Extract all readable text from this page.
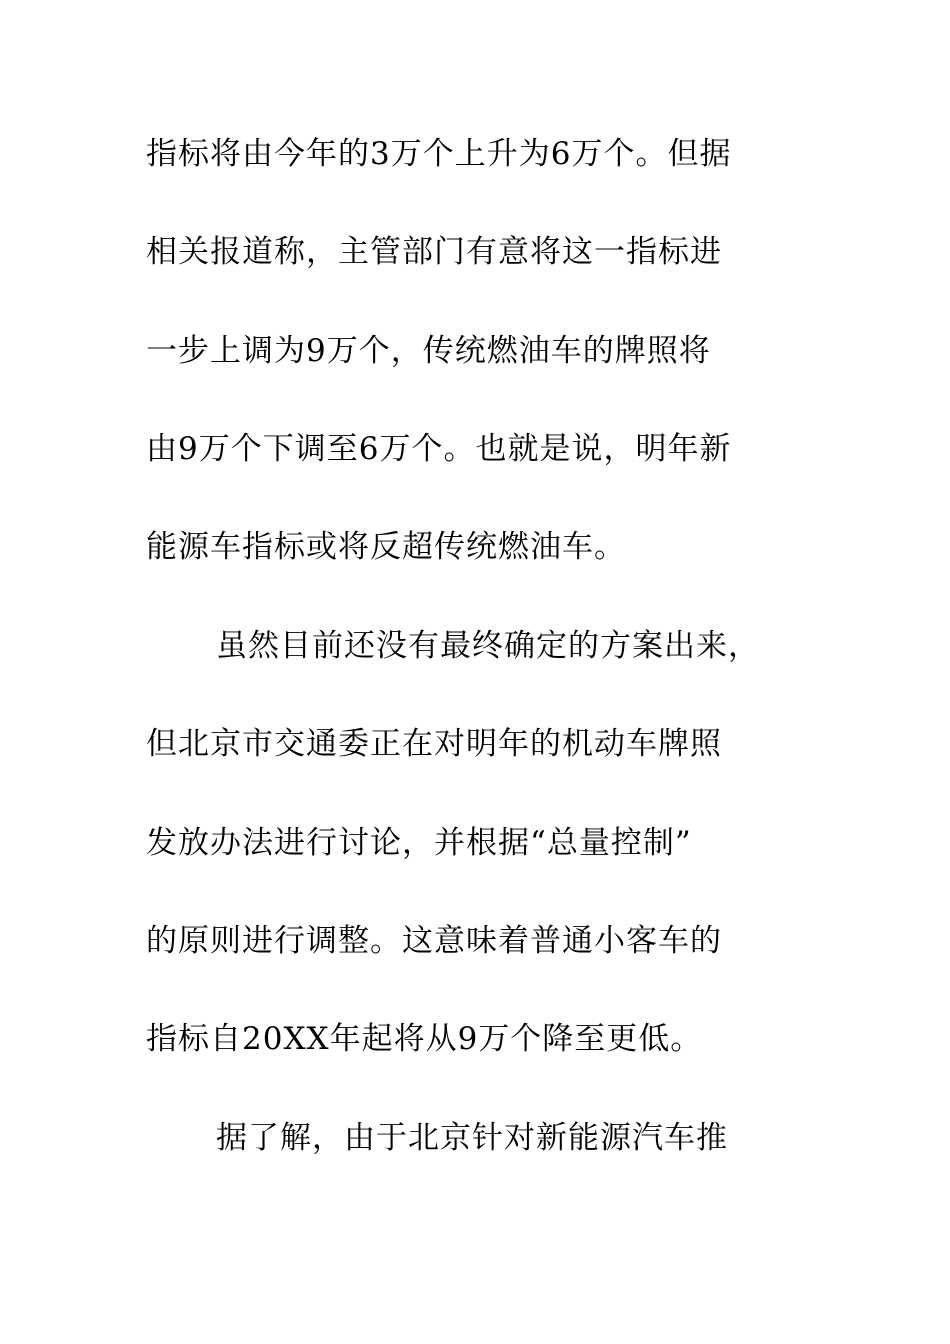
指标将由今年的3万个上升为6万个。但据
相关报道称，主管部门有意将这一指标进
一步上调为9万个，传统燃油车的牌照将
由9万个下调至6万个。也就是说，明年新
能源车指标或将反超传统燃油车。
虽然目前还没有最终确定的方案出来，
但北京市交通委正在对明年的机动车牌照
发放办法进行讨论，并根据“总量控制”
的原则进行调整。这意味着普通小客车的
指标自20XX年起将从9万个降至更低。
据了解，由于北京针对新能源汽车推
